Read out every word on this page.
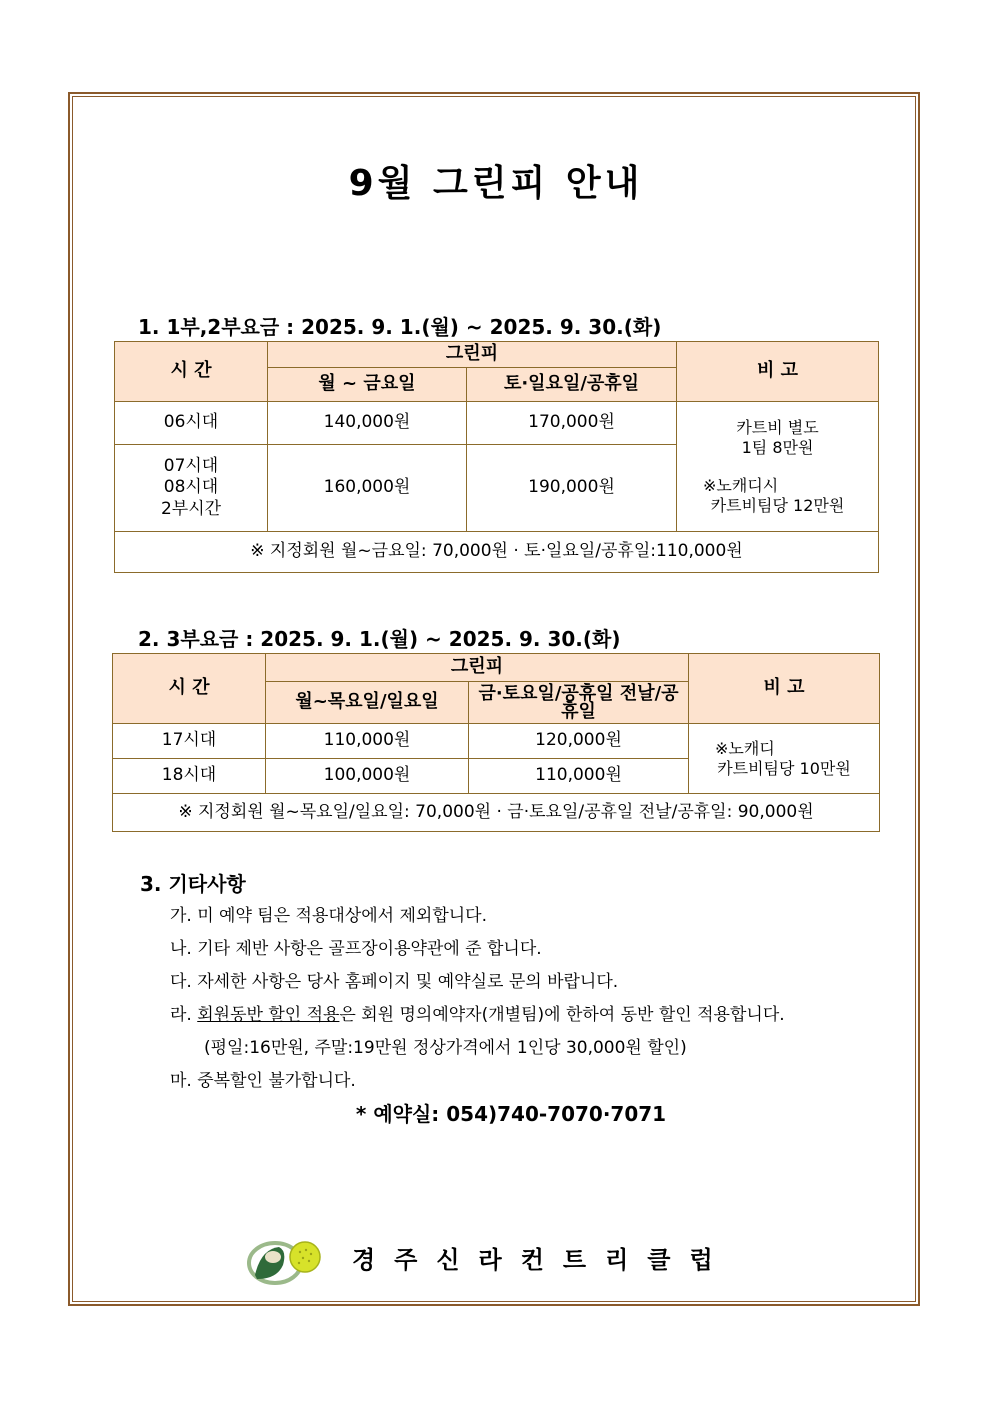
9월 그린피 안내
1. 1부,2부요금 : 2025. 9. 1.(월) ~ 2025. 9. 30.(화)
시 간	그린피		비 고
	월 ~ 금요일	토·일요일/공휴일	
06시대	140,000원	170,000원	카트비 별도
1팀 8만원
※노캐디시
카트비팀당 12만원

07시대
08시대
2부시간	160,000원	190,000원	
※ 지정회원 월~금요일: 70,000원 · 토·일요일/공휴일:110,000원			
2. 3부요금 : 2025. 9. 1.(월) ~ 2025. 9. 30.(화)
시 간	그린피		비 고
	월~목요일/일요일	금·토요일/공휴일 전날/공휴일	
17시대	110,000원	120,000원	※노캐디
카트비팀당 10만원

18시대	100,000원	110,000원	
※ 지정회원 월~목요일/일요일: 70,000원 · 금·토요일/공휴일 전날/공휴일: 90,000원			
3. 기타사항
가. 미 예약 팀은 적용대상에서 제외합니다.
나. 기타 제반 사항은 골프장이용약관에 준 합니다.
다. 자세한 사항은 당사 홈페이지 및 예약실로 문의 바랍니다.
라. 회원동반 할인 적용은 회원 명의예약자(개별팀)에 한하여 동반 할인 적용합니다.
(평일:16만원, 주말:19만원 정상가격에서 1인당 30,000원 할인)
마. 중복할인 불가합니다.
* 예약실: 054)740-7070·7071
경주신라컨트리클럽
